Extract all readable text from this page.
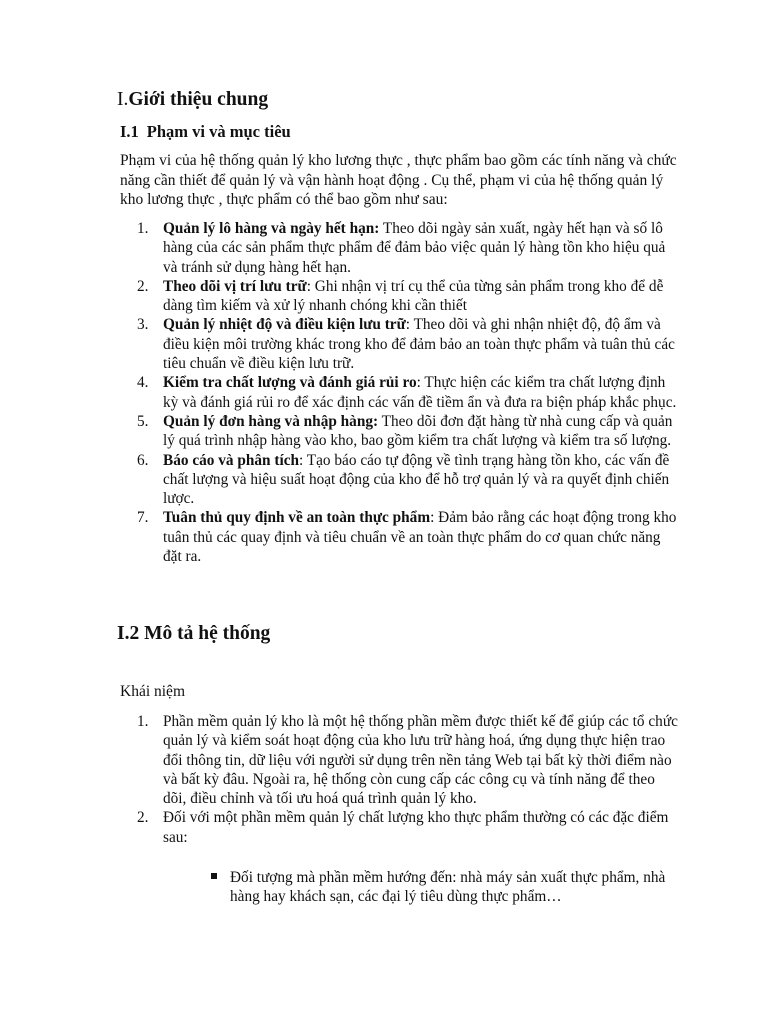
I.Giới thiệu chung
I.1 Phạm vi và mục tiêu
Phạm vi của hệ thống quản lý kho lương thực , thực phẩm bao gồm các tính năng và chức năng cần thiết để quản lý và vận hành hoạt động . Cụ thể, phạm vi của hệ thống quản lý kho lương thực , thực phẩm có thể bao gồm như sau:
1. Quản lý lô hàng và ngày hết hạn: Theo dõi ngày sản xuất, ngày hết hạn và số lô hàng của các sản phẩm thực phẩm để đảm bảo việc quản lý hàng tồn kho hiệu quả và tránh sử dụng hàng hết hạn.
2. Theo dõi vị trí lưu trữ: Ghi nhận vị trí cụ thể của từng sản phẩm trong kho để dễ dàng tìm kiếm và xử lý nhanh chóng khi cần thiết
3. Quản lý nhiệt độ và điều kiện lưu trữ: Theo dõi và ghi nhận nhiệt độ, độ ẩm và điều kiện môi trường khác trong kho để đảm bảo an toàn thực phẩm và tuân thủ các tiêu chuẩn về điều kiện lưu trữ.
4. Kiểm tra chất lượng và đánh giá rủi ro: Thực hiện các kiểm tra chất lượng định kỳ và đánh giá rủi ro để xác định các vấn đề tiềm ẩn và đưa ra biện pháp khắc phục.
5. Quản lý đơn hàng và nhập hàng: Theo dõi đơn đặt hàng từ nhà cung cấp và quản lý quá trình nhập hàng vào kho, bao gồm kiểm tra chất lượng và kiểm tra số lượng.
6. Báo cáo và phân tích: Tạo báo cáo tự động về tình trạng hàng tồn kho, các vấn đề chất lượng và hiệu suất hoạt động của kho để hỗ trợ quản lý và ra quyết định chiến lược.
7. Tuân thủ quy định về an toàn thực phẩm: Đảm bảo rằng các hoạt động trong kho tuân thủ các quay định và tiêu chuẩn về an toàn thực phẩm do cơ quan chức năng đặt ra.
I.2 Mô tả hệ thống
Khái niệm
1. Phần mềm quản lý kho là một hệ thống phần mềm được thiết kế để giúp các tổ chức quản lý và kiểm soát hoạt động của kho lưu trữ hàng hoá, ứng dụng thực hiện trao đổi thông tin, dữ liệu với người sử dụng trên nền tảng Web tại bất kỳ thời điểm nào và bất kỳ đâu. Ngoài ra, hệ thống còn cung cấp các công cụ và tính năng để theo dõi, điều chỉnh và tối ưu hoá quá trình quản lý kho.
2. Đối với một phần mềm quản lý chất lượng kho thực phẩm thường có các đặc điểm sau:
Đối tượng mà phần mềm hướng đến: nhà máy sản xuất thực phẩm, nhà hàng hay khách sạn, các đại lý tiêu dùng thực phẩm…
